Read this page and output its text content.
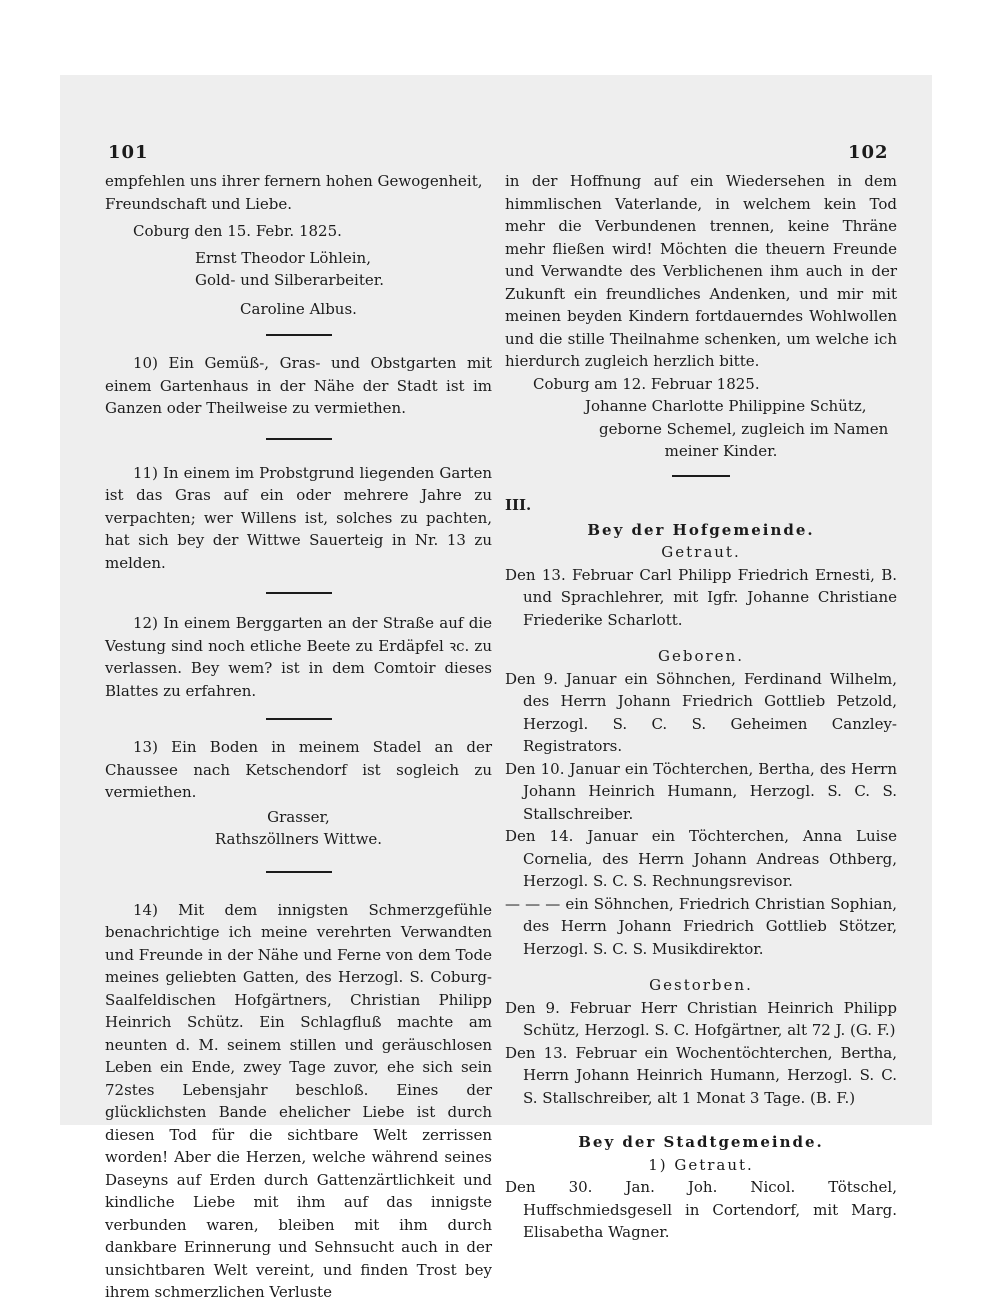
101	102

empfehlen uns ihrer fernern hohen Gewogenheit,

Freundschaft und Liebe.

Coburg den 15. Febr. 1825.

Ernst Theodor Löhlein,

Gold- und Silberarbeiter.

Caroline Albus.

10) Ein Gemüß-, Gras- und Obstgarten mit einem Gartenhaus in der Nähe der Stadt ist im Ganzen oder Theilweise zu vermiethen.

11) In einem im Probstgrund liegenden Garten ist das Gras auf ein oder mehrere Jahre zu verpachten; wer Willens ist, solches zu pachten, hat sich bey der Wittwe Sauerteig in Nr. 13 zu melden.

12) In einem Berggarten an der Straße auf die Vestung sind noch etliche Beete zu Erdäpfel ꝛc. zu verlassen. Bey wem? ist in dem Comtoir dieses Blattes zu erfahren.

13) Ein Boden in meinem Stadel an der Chaussee nach Ketschendorf ist sogleich zu vermiethen.

Grasser,

Rathszöllners Wittwe.

14) Mit dem innigsten Schmerzgefühle benachrichtige ich meine verehrten Verwandten und Freunde in der Nähe und Ferne von dem Tode meines geliebten Gatten, des Herzogl. S. Coburg-Saalfeldischen Hofgärtners, Christian Philipp Heinrich Schütz. Ein Schlagfluß machte am neunten d. M. seinem stillen und geräuschlosen Leben ein Ende, zwey Tage zuvor, ehe sich sein 72stes Lebensjahr beschloß. Eines der glücklichsten Bande ehelicher Liebe ist durch diesen Tod für die sichtbare Welt zerrissen worden! Aber die Herzen, welche während seines Daseyns auf Erden durch Gattenzärtlichkeit und kindliche Liebe mit ihm auf das innigste verbunden waren, bleiben mit ihm durch dankbare Erinnerung und Sehnsucht auch in der unsichtbaren Welt vereint, und finden Trost bey ihrem schmerzlichen Verluste

in der Hoffnung auf ein Wiedersehen in dem himmlischen Vaterlande, in welchem kein Tod mehr die Verbundenen trennen, keine Thräne mehr fließen wird! Möchten die theuern Freunde und Verwandte des Verblichenen ihm auch in der Zukunft ein freundliches Andenken, und mir mit meinen beyden Kindern fortdauerndes Wohlwollen und die stille Theilnahme schenken, um welche ich hierdurch zugleich herzlich bitte.

Coburg am 12. Februar 1825.

Johanne Charlotte Philippine Schütz,

geborne Schemel, zugleich im Namen

meiner Kinder.

III.

Bey der Hofgemeinde.

Getraut.

Den 13. Februar Carl Philipp Friedrich Ernesti, B. und Sprachlehrer, mit Igfr. Johanne Christiane Friederike Scharlott.

Geboren.

Den 9. Januar ein Söhnchen, Ferdinand Wilhelm, des Herrn Johann Friedrich Gottlieb Petzold, Herzogl. S. C. S. Geheimen Canzley-Registrators.

Den 10. Januar ein Töchterchen, Bertha, des Herrn Johann Heinrich Humann, Herzogl. S. C. S. Stallschreiber.

Den 14. Januar ein Töchterchen, Anna Luise Cornelia, des Herrn Johann Andreas Othberg, Herzogl. S. C. S. Rechnungsrevisor.

— — — ein Söhnchen, Friedrich Christian Sophian, des Herrn Johann Friedrich Gottlieb Stötzer, Herzogl. S. C. S. Musikdirektor.

Gestorben.

Den 9. Februar Herr Christian Heinrich Philipp Schütz, Herzogl. S. C. Hofgärtner, alt 72 J. (G. F.)

Den 13. Februar ein Wochentöchterchen, Bertha, Herrn Johann Heinrich Humann, Herzogl. S. C. S. Stallschreiber, alt 1 Monat 3 Tage. (B. F.)

Bey der Stadtgemeinde.

1) Getraut.

Den 30. Jan. Joh. Nicol. Tötschel, Huffschmiedsgesell in Cortendorf, mit Marg. Elisabetha Wagner.
